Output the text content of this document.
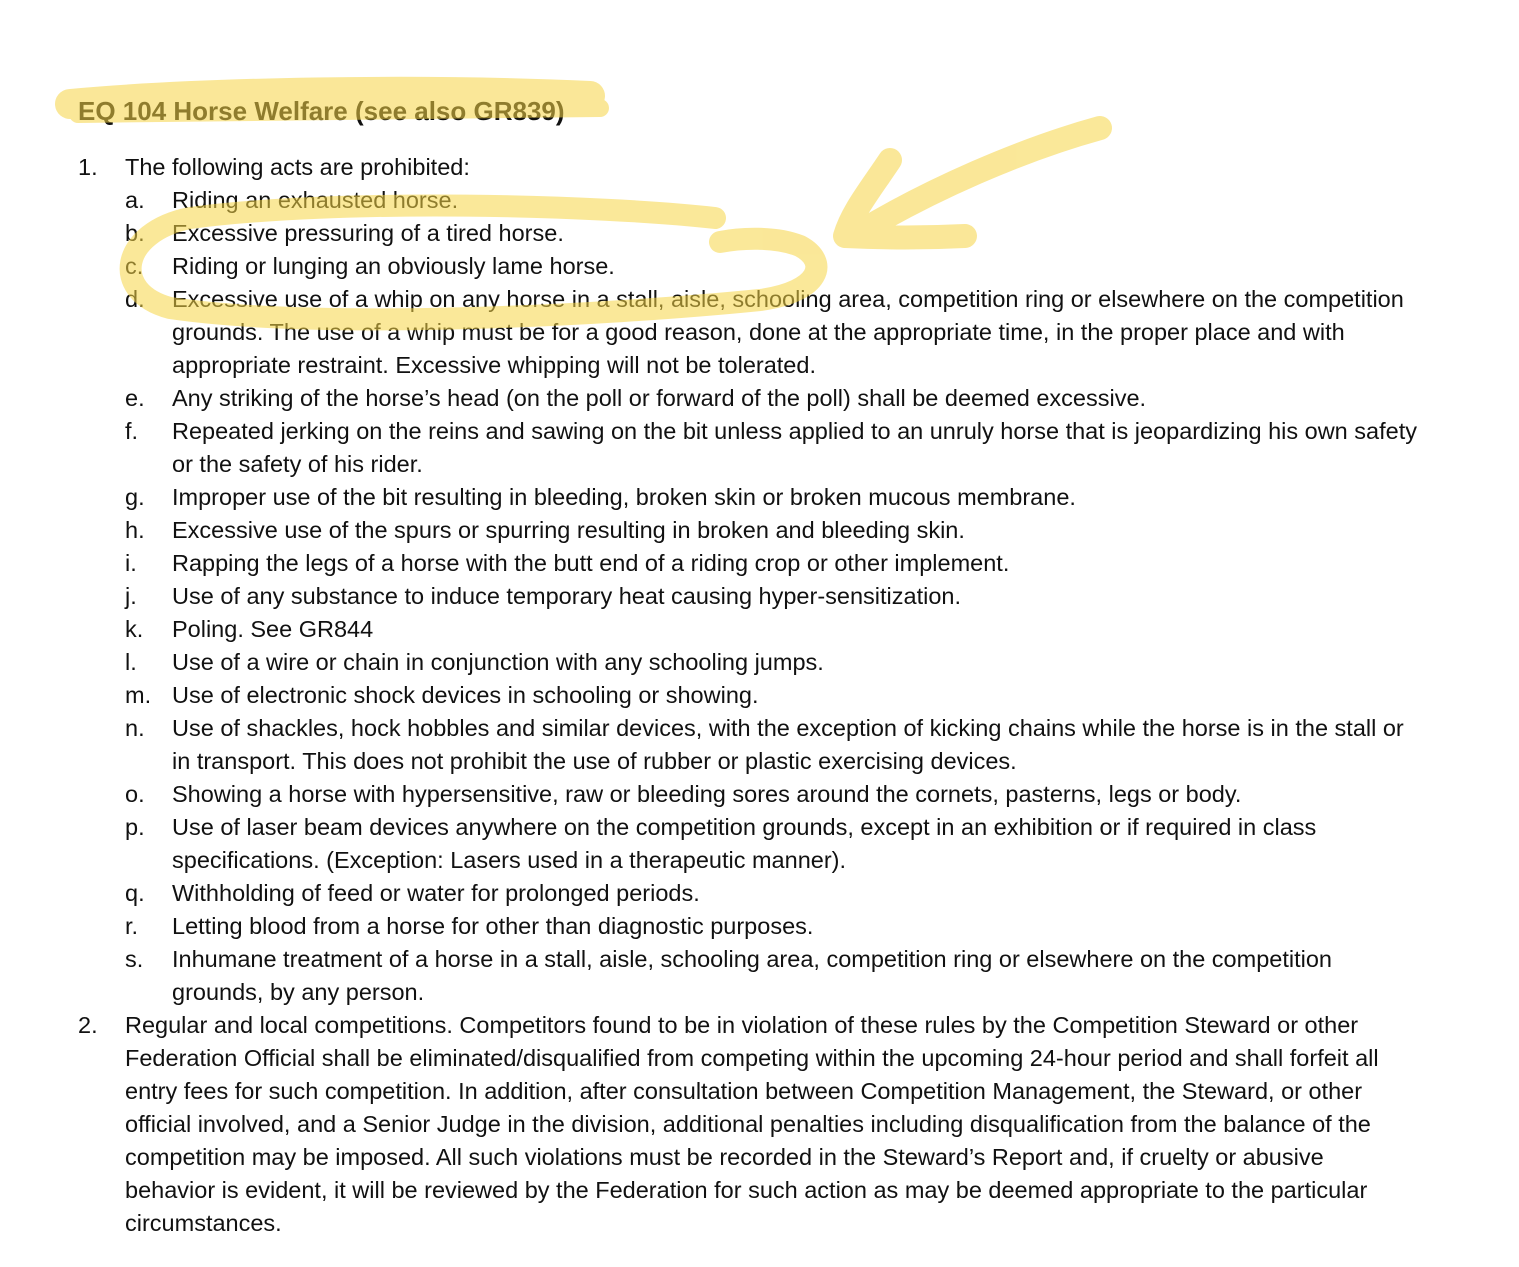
EQ 104 Horse Welfare (see also GR839)
1. The following acts are prohibited:
a. Riding an exhausted horse.
b. Excessive pressuring of a tired horse.
c. Riding or lunging an obviously lame horse.
d. Excessive use of a whip on any horse in a stall, aisle, schooling area, competition ring or elsewhere on the competition grounds. The use of a whip must be for a good reason, done at the appropriate time, in the proper place and with appropriate restraint. Excessive whipping will not be tolerated.
e. Any striking of the horse’s head (on the poll or forward of the poll) shall be deemed excessive.
f. Repeated jerking on the reins and sawing on the bit unless applied to an unruly horse that is jeopardizing his own safety or the safety of his rider.
g. Improper use of the bit resulting in bleeding, broken skin or broken mucous membrane.
h. Excessive use of the spurs or spurring resulting in broken and bleeding skin.
i. Rapping the legs of a horse with the butt end of a riding crop or other implement.
j. Use of any substance to induce temporary heat causing hyper-sensitization.
k. Poling. See GR844
l. Use of a wire or chain in conjunction with any schooling jumps.
m. Use of electronic shock devices in schooling or showing.
n. Use of shackles, hock hobbles and similar devices, with the exception of kicking chains while the horse is in the stall or in transport. This does not prohibit the use of rubber or plastic exercising devices.
o. Showing a horse with hypersensitive, raw or bleeding sores around the cornets, pasterns, legs or body.
p. Use of laser beam devices anywhere on the competition grounds, except in an exhibition or if required in class specifications. (Exception: Lasers used in a therapeutic manner).
q. Withholding of feed or water for prolonged periods.
r. Letting blood from a horse for other than diagnostic purposes.
s. Inhumane treatment of a horse in a stall, aisle, schooling area, competition ring or elsewhere on the competition grounds, by any person.
2. Regular and local competitions. Competitors found to be in violation of these rules by the Competition Steward or other Federation Official shall be eliminated/disqualified from competing within the upcoming 24-hour period and shall forfeit all entry fees for such competition. In addition, after consultation between Competition Management, the Steward, or other official involved, and a Senior Judge in the division, additional penalties including disqualification from the balance of the competition may be imposed. All such violations must be recorded in the Steward’s Report and, if cruelty or abusive behavior is evident, it will be reviewed by the Federation for such action as may be deemed appropriate to the particular circumstances.
